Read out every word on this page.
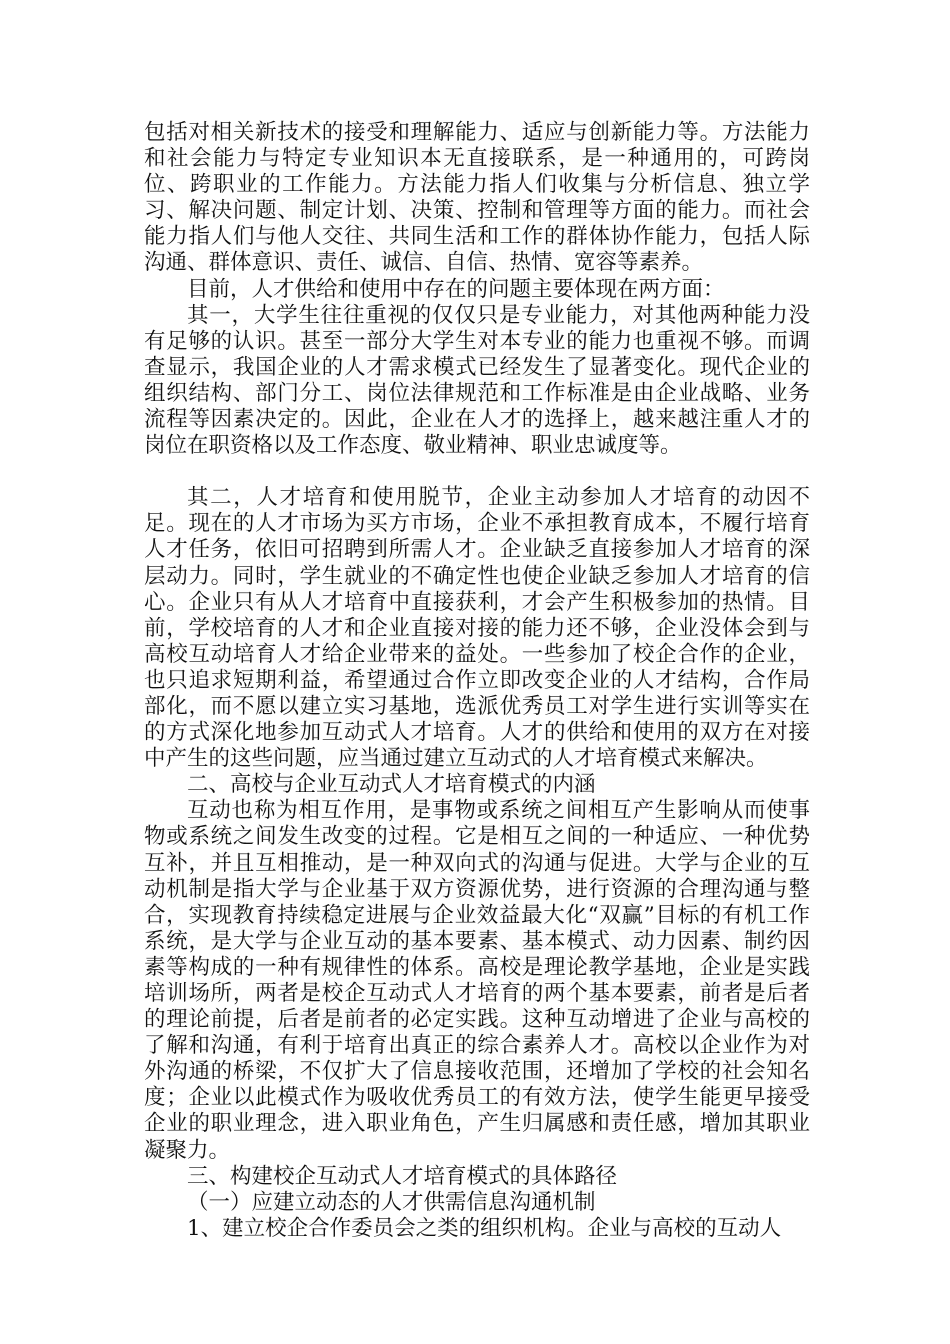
包括对相关新技术的接受和理解能力、适应与创新能力等。方法能力和社会能力与特定专业知识本无直接联系，是一种通用的，可跨岗位、跨职业的工作能力。方法能力指人们收集与分析信息、独立学习、解决问题、制定计划、决策、控制和管理等方面的能力。而社会能力指人们与他人交往、共同生活和工作的群体协作能力，包括人际沟通、群体意识、责任、诚信、自信、热情、宽容等素养。

目前，人才供给和使用中存在的问题主要体现在两方面：

其一，大学生往往重视的仅仅只是专业能力，对其他两种能力没有足够的认识。甚至一部分大学生对本专业的能力也重视不够。而调查显示，我国企业的人才需求模式已经发生了显著变化。现代企业的组织结构、部门分工、岗位法律规范和工作标准是由企业战略、业务流程等因素决定的。因此，企业在人才的选择上，越来越注重人才的岗位在职资格以及工作态度、敬业精神、职业忠诚度等。

其二，人才培育和使用脱节，企业主动参加人才培育的动因不足。现在的人才市场为买方市场，企业不承担教育成本，不履行培育人才任务，依旧可招聘到所需人才。企业缺乏直接参加人才培育的深层动力。同时，学生就业的不确定性也使企业缺乏参加人才培育的信心。企业只有从人才培育中直接获利，才会产生积极参加的热情。目前，学校培育的人才和企业直接对接的能力还不够，企业没体会到与高校互动培育人才给企业带来的益处。一些参加了校企合作的企业，也只追求短期利益，希望通过合作立即改变企业的人才结构，合作局部化，而不愿以建立实习基地，选派优秀员工对学生进行实训等实在的方式深化地参加互动式人才培育。人才的供给和使用的双方在对接中产生的这些问题，应当通过建立互动式的人才培育模式来解决。

二、高校与企业互动式人才培育模式的内涵

互动也称为相互作用，是事物或系统之间相互产生影响从而使事物或系统之间发生改变的过程。它是相互之间的一种适应、一种优势互补，并且互相推动，是一种双向式的沟通与促进。大学与企业的互动机制是指大学与企业基于双方资源优势，进行资源的合理沟通与整合，实现教育持续稳定进展与企业效益最大化“双赢”目标的有机工作系统，是大学与企业互动的基本要素、基本模式、动力因素、制约因素等构成的一种有规律性的体系。高校是理论教学基地，企业是实践培训场所，两者是校企互动式人才培育的两个基本要素，前者是后者的理论前提，后者是前者的必定实践。这种互动增进了企业与高校的了解和沟通，有利于培育出真正的综合素养人才。高校以企业作为对外沟通的桥梁，不仅扩大了信息接收范围，还增加了学校的社会知名度；企业以此模式作为吸收优秀员工的有效方法，使学生能更早接受企业的职业理念，进入职业角色，产生归属感和责任感，增加其职业凝聚力。

三、构建校企互动式人才培育模式的具体路径

（一）应建立动态的人才供需信息沟通机制

1、建立校企合作委员会之类的组织机构。企业与高校的互动人
